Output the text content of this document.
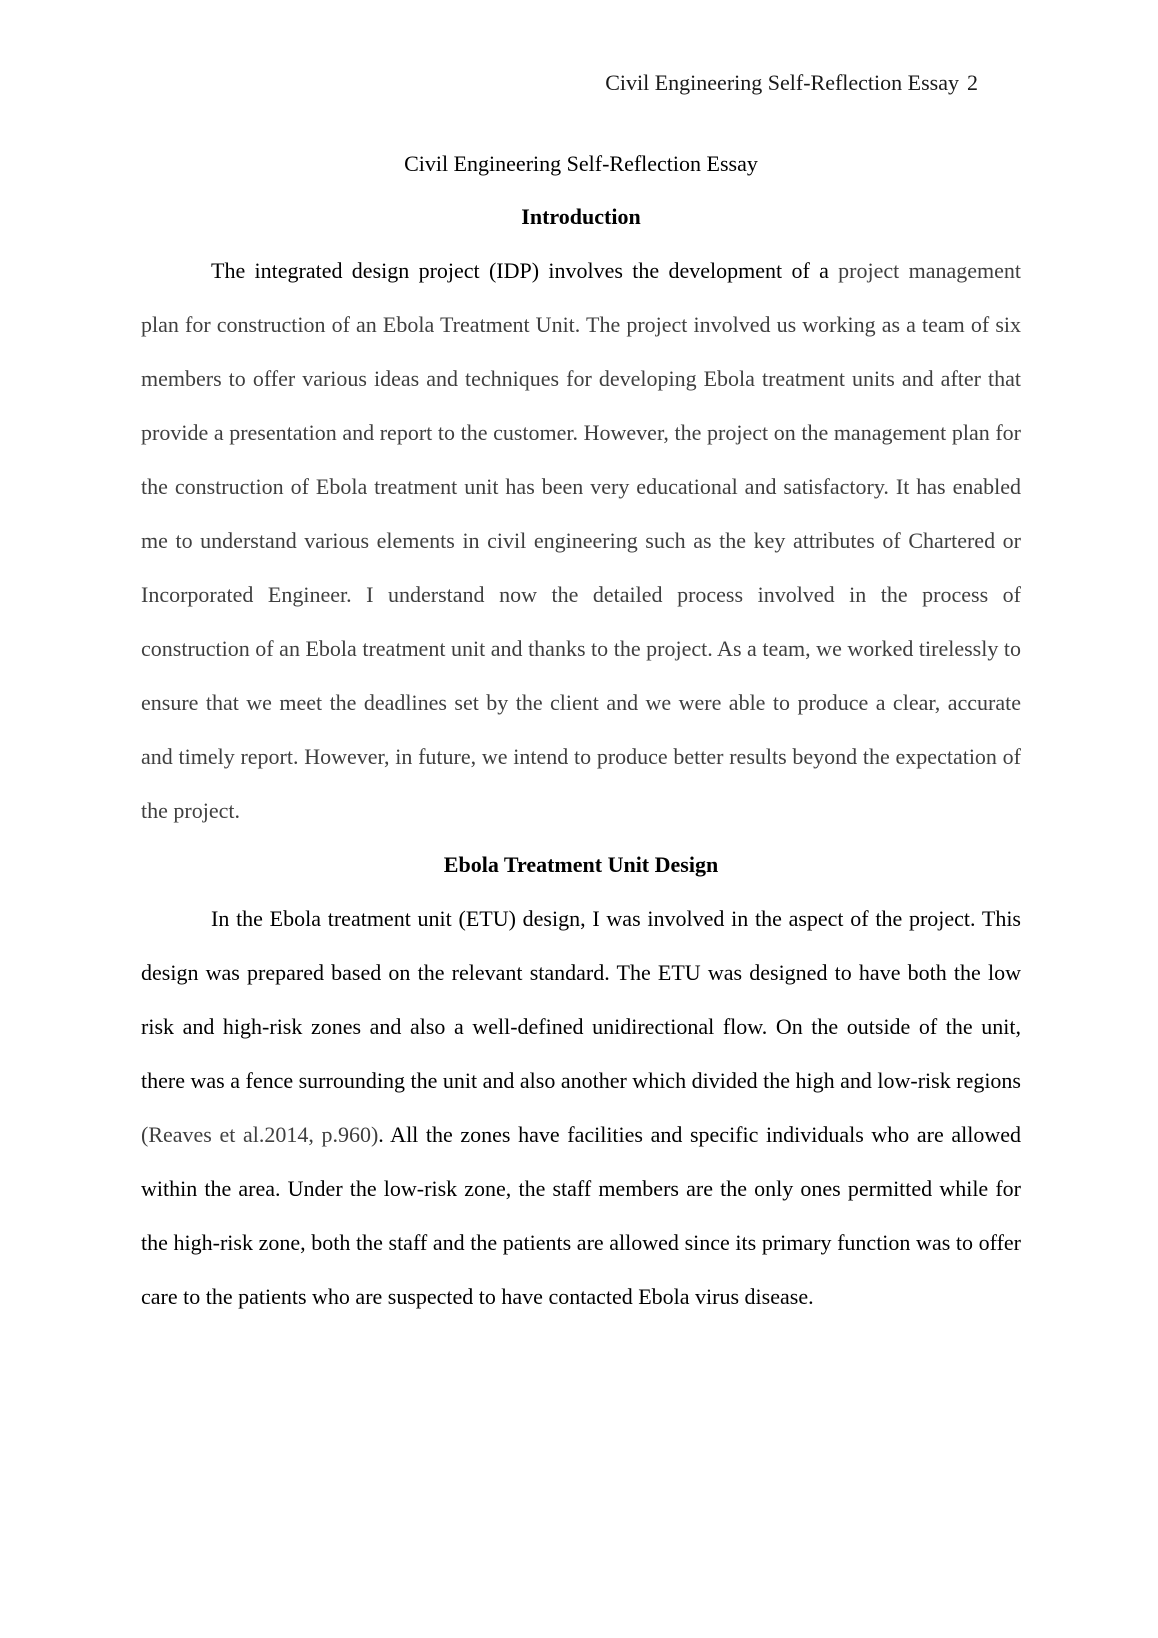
Civil Engineering Self-Reflection Essay 2
Civil Engineering Self-Reflection Essay
Introduction

The integrated design project (IDP) involves the development of a project management plan for construction of an Ebola Treatment Unit. The project involved us working as a team of six members to offer various ideas and techniques for developing Ebola treatment units and after that provide a presentation and report to the customer. However, the project on the management plan for the construction of Ebola treatment unit has been very educational and satisfactory. It has enabled me to understand various elements in civil engineering such as the key attributes of Chartered or Incorporated Engineer. I understand now the detailed process involved in the process of construction of an Ebola treatment unit and thanks to the project. As a team, we worked tirelessly to ensure that we meet the deadlines set by the client and we were able to produce a clear, accurate and timely report. However, in future, we intend to produce better results beyond the expectation of the project.

Ebola Treatment Unit Design

In the Ebola treatment unit (ETU) design, I was involved in the aspect of the project. This design was prepared based on the relevant standard. The ETU was designed to have both the low risk and high-risk zones and also a well-defined unidirectional flow. On the outside of the unit, there was a fence surrounding the unit and also another which divided the high and low-risk regions (Reaves et al.2014, p.960). All the zones have facilities and specific individuals who are allowed within the area. Under the low-risk zone, the staff members are the only ones permitted while for the high-risk zone, both the staff and the patients are allowed since its primary function was to offer care to the patients who are suspected to have contacted Ebola virus disease.
